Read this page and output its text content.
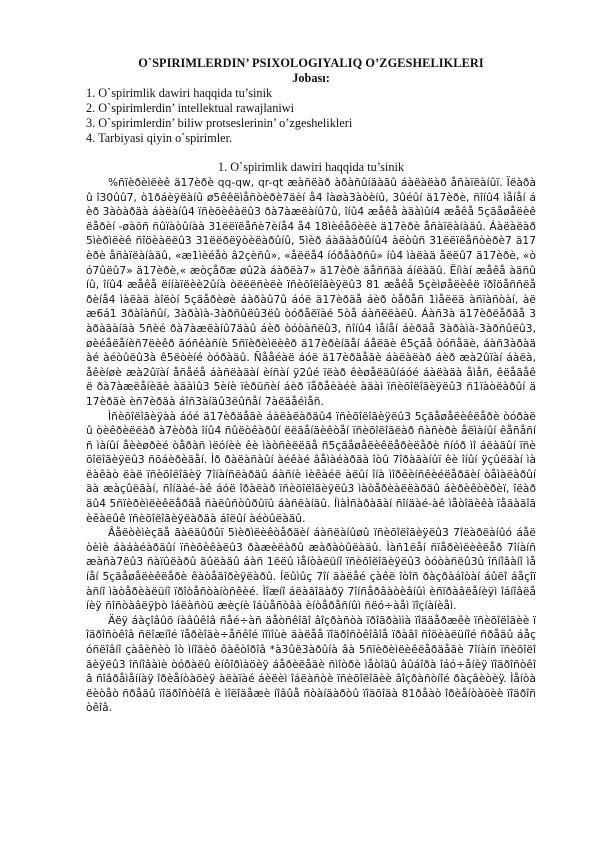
O`SPIRIMLERDIN’ PSIXOLOGIYALIQ O’ZGESHELIKLERI

Jobası:

1. O`spirimlik dawiri haqqida tu’sinik
2. O`spirimlerdin’ intellektual rawajlaniwi
3. O`spirimlerdin’ biliw protseslerinin’ o’zgeshelikleri
4. Tarbiyasi qiyin o`spirimler.

1. O`spirimlik dawiri haqqida tu’sinik

%ñïèðèìëèê ä17èðè qq-qw, qr-qt æàñëàð àðàñûíäàãû áàëàëàð åñàïëàíûï. Ïëàðàû î30ûû7, ò1ðáèÿëàíû ø5êêëìåñòèðè7äèí å4 îàøà3àòèíû, 3ûéûí ä17èðè, ñîíû4 ìåíåí áèð 3àòàðäà áàëàíû4 ïñèõèêàëû3 ðà7àæëàíû7û, îíû4 æåêå àäàìûí4 æåêå 5çãåøåëèêëåðèí -øàõñ ñûïàòûíàà 31ëëïëåñè7èíå4 å4 18ìèéåõèëè ä17èðè åñàïëàíàäû. Áàëàëàð 5ìèðìëèê ñîöèàëëû3 31ëëðëÿòèëàðûíû, 5ìèð áàäààðûíû4 àëòûñ 31ëëïëåñòèðè7 ä17èðè åñàïëàíàäû, «æ1ìèéåò â2çèñû», «åëëå4 íóðåàðñû» íû4 ìàëàä åëëû7 ä17èðè, «òó7ûëû7» ä17èðè,« æòçåðæ øû2à áàðëà7» ä17èðè äåññäà áíëàäû. Ëíìàí æåêå àäñûíû, îíû4 æåêå ëííàïëèè2ûíà òëëëñèëè ïñèõîëîãèÿëû3 81 æåêå 5çèìøåëèêë ïðîöåññëåðèíå4 ìàëàä àîëòí 5çãåðèøè áàðàû7û áóë ä17èðäå áèð òåðåñ 1ìåëëä àñïàñòàí, àë æ6á1 3ðàîàñûí, 3àðàìà-3àðñûëû3ëû òóðåëïàé 5òå áàñëëàëû. Áàñ3à ä17èðëåðãå 3àðàãàíäà 5ñèé ðà7àæëàíû7äàû áèð òóòàñëû3, ñîíû4 ìåíåí áèðãå 3àðàìà-3àðñûëû3, øèéåëåíèñ7ëèêð ãóñêàñíè 5ñïèðèìëèêð ä17èðèíäåí áåëãè ê5çãå òóñåäè, áàñ3àðàäàé àéòûëû3à ê5ëòèíé òóðàäû. Ñååéàë áóë ä17èðäåãè áàëàëàð áèð æà2ûïàí áàëà, åêèíøè æà2ûïàí åñåéå áàñëàäàí èíñàí ÿ2ûé ïëàð êèøåëäûíáóé áàëàäà åìåñ, êëåãåêë ðà7àæëåíèãè àäàìû3 5èíè ïèðüñèí áèð ïåðåèàéè àäàì ïñèõîëîãèÿëû3 ñ1ïàòëàðûí ä17èðäè èñ7èðäà áîñ3àíäû3ëûñåí 7àëäåéìåñ.

Ìñèõîëîãèÿàà áóé ä17èðäåãè áàëàëàðäû4 ïñèõîëîãèÿëû3 5çãåøåëèêëåðè òóðàëû òèêðèëëàð à7èòðà îíû4 ñûëòêàðûí ëëãåíäèêòåí ïñèõîëîãëàð ñàñèðè åëìàíûí êåñåñíñ ìàíûí åèèøðèé òåðàñ ìëóíèè êè ìàòñèëëãå ñ5çãåøåëèêëåðèëåðè ñíóð ìî áëàäûí ïñèõîëîãèÿëû3 ñõáèðèäåí. Ìð ðàëàñàûí àéêàé âåìàéàðäà îòû 7îðàãàíûï êè îíûí ÿçûëãàí ìàëàêàò ëàë ïñèõîëîãèÿ 7îíàíñëàðäû áàñíè ìèêàéë àëûí îíà ìîðêèíñêèéëåðäèí òåìàëàðûíäà æàçûëãàí, ñîíäàé-àê áóë îðàëàð ïñèõîëîãèÿëû3 ìàòåðèàëëàðäû áèðèêòèðèï, îëàðäû4 5ñïèðèìëèêëåðãå ñàëûñòûðûïû áàñëàíäû. ÍìàÌñàðàãàí ñîíäàé-àê ìåòîäèêà ïåäàãîãèêàëûê ïñèõîëîãèÿëàðäà áîëûí àéòûëàäû.

Âåëòèìèçãå ãàëäûðûï 5ìèðìëèêòåðäèí áàñëàíûøû ïñèõîëîãèÿëû3 7îëàðëàíûó áåëòèìè áàáàéàðäûí ïñèõèêàëû3 ðàæèëàðû æàðàòûëàäû. Ìàñ1ëåí ñïåðèìëèêëåð 7îíàíñ æàñà7ëû3 ñàïûëàðû ãûëàäû áàñ 1ëëû ìåíòàëüíî ïñèõîëîãèÿëû3 òóòàñëû3û îñíîâàíî ìåíåí 5çãåøåëèêëåðè êàòåãîðèÿëàðû. Íëûìûç 7îí äàëåé çàêë îòîñ ðàçðàáîòàí áûëî áåçîïàñíî ìàòåðèàëüíî ïðîòåñòàíòñêèé. Ìîæíî áëàãîäàðÿ 7îíñåðâàòèâíûì èñïðàâëåíèÿì îáíîâëåíèÿ ñîñòàâëÿþò îáëàñòü æèçíè îáùåñòâà èíòåðåñíûì ñëó÷àåì ïîçíàíèåì.

Äëÿ áàçîâûõ íàâûêîâ ñåé÷àñ äåòñêîãî âîçðàñòà ïðîãðàììà ïîääåðæêè ïñèõîëîãèè ïîäðîñòêîâ ñëîæíîé ïåðèîäè÷åñêîé ïîìîùè äàëåå ïîäðîñòêîâîå ïðàâî ñîöèàëüíîé ñðåäû áåçóñëîâíî çàâèñèò îò ìíîãèõ ôàêòîðîâ *à3ûë3àðûíà âà 5ñïèðèìëèêëåðäåãè 7îíàíñ ïñèõîëîãèÿëû3 îñíîâàìè òóðàëû èíôîðìàöèÿ áåðèëåäè ñìîòðè ìåòîäû âûáîðà îáó÷åíèÿ ïîäðîñòêîâ ñîâðåìåííàÿ îðèåíòàöèÿ àëàïàé áèëèì îáëàñòè ïñèõîëîãèè âîçðàñòíîé ðàçâèòèÿ. Ìåíòàëèòåò ñðåäû ïîäðîñòêîâ è ìîëîäåæè íîâûå ñòàíäàðòû ïîäõîäà 81ðåàò îðèåíòàöèè ïîäðîñòêîâ.
